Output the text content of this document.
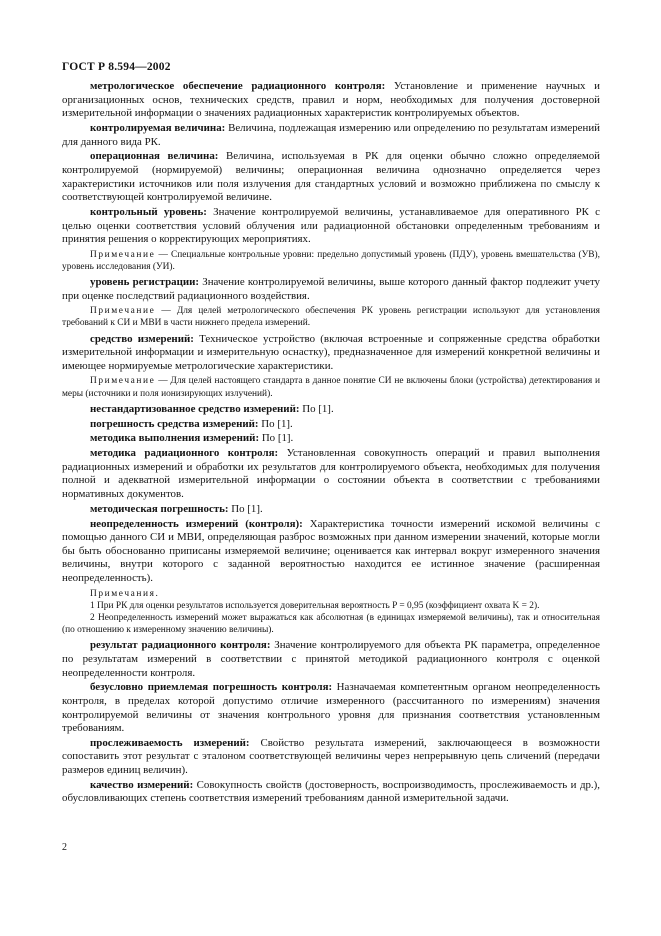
ГОСТ Р 8.594—2002

метрологическое обеспечение радиационного контроля: Установление и применение научных и организационных основ, технических средств, правил и норм, необходимых для получения достоверной измерительной информации о значениях радиационных характеристик контролируемых объектов.

контролируемая величина: Величина, подлежащая измерению или определению по результатам измерений для данного вида РК.

операционная величина: Величина, используемая в РК для оценки обычно сложно определяемой контролируемой (нормируемой) величины; операционная величина однозначно определяется через характеристики источников или поля излучения для стандартных условий и возможно приближена по смыслу к соответствующей контролируемой величине.

контрольный уровень: Значение контролируемой величины, устанавливаемое для оперативного РК с целью оценки соответствия условий облучения или радиационной обстановки определенным требованиям и принятия решения о корректирующих мероприятиях.

Примечание — Специальные контрольные уровни: предельно допустимый уровень (ПДУ), уровень вмешательства (УВ), уровень исследования (УИ).

уровень регистрации: Значение контролируемой величины, выше которого данный фактор подлежит учету при оценке последствий радиационного воздействия.

Примечание — Для целей метрологического обеспечения РК уровень регистрации используют для установления требований к СИ и МВИ в части нижнего предела измерений.

средство измерений: Техническое устройство (включая встроенные и сопряженные средства обработки измерительной информации и измерительную оснастку), предназначенное для измерений конкретной величины и имеющее нормируемые метрологические характеристики.

Примечание — Для целей настоящего стандарта в данное понятие СИ не включены блоки (устройства) детектирования и меры (источники и поля ионизирующих излучений).

нестандартизованное средство измерений: По [1].

погрешность средства измерений: По [1].

методика выполнения измерений: По [1].

методика радиационного контроля: Установленная совокупность операций и правил выполнения радиационных измерений и обработки их результатов для контролируемого объекта, необходимых для получения полной и адекватной измерительной информации о состоянии объекта в соответствии с требованиями нормативных документов.

методическая погрешность: По [1].

неопределенность измерений (контроля): Характеристика точности измерений искомой величины с помощью данного СИ и МВИ, определяющая разброс возможных при данном измерении значений, которые могли бы быть обоснованно приписаны измеряемой величине; оценивается как интервал вокруг измеренного значения величины, внутри которого с заданной вероятностью находится ее истинное значение (расширенная неопределенность).

Примечания.
1 При РК для оценки результатов используется доверительная вероятность P = 0,95 (коэффициент охвата K = 2).
2 Неопределенность измерений может выражаться как абсолютная (в единицах измеряемой величины), так и относительная (по отношению к измеренному значению величины).

результат радиационного контроля: Значение контролируемого для объекта РК параметра, определенное по результатам измерений в соответствии с принятой методикой радиационного контроля с оценкой неопределенности контроля.

безусловно приемлемая погрешность контроля: Назначаемая компетентным органом неопределенность контроля, в пределах которой допустимо отличие измеренного (рассчитанного по измерениям) значения контролируемой величины от значения контрольного уровня для признания соответствия установленным требованиям.

прослеживаемость измерений: Свойство результата измерений, заключающееся в возможности сопоставить этот результат с эталоном соответствующей величины через непрерывную цепь сличений (передачи размеров единиц величин).

качество измерений: Совокупность свойств (достоверность, воспроизводимость, прослеживаемость и др.), обусловливающих степень соответствия измерений требованиям данной измерительной задачи.

2
